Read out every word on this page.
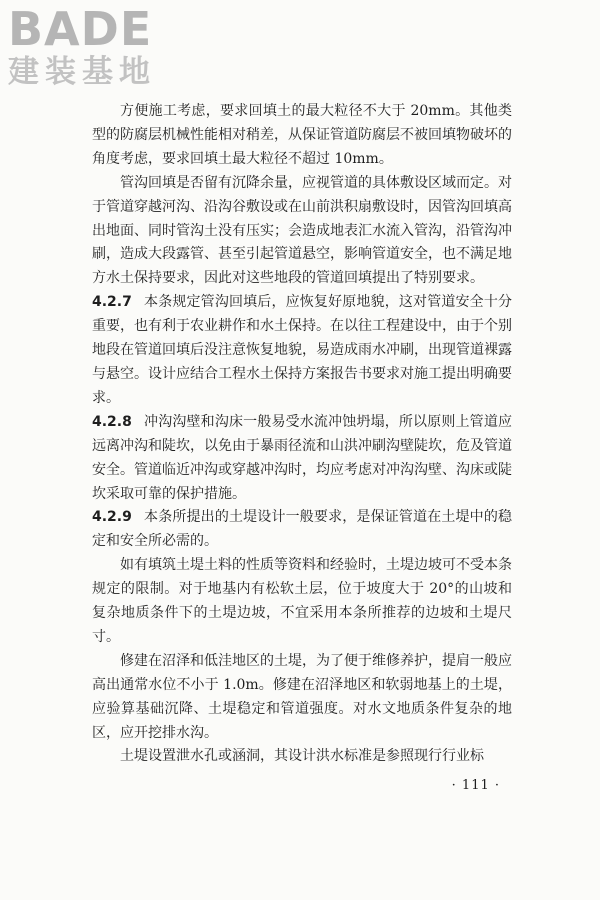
BADE
建装基地

方便施工考虑，要求回填土的最大粒径不大于 20mm。其他类型的防腐层机械性能相对稍差，从保证管道防腐层不被回填物破坏的角度考虑，要求回填土最大粒径不超过 10mm。

管沟回填是否留有沉降余量，应视管道的具体敷设区域而定。对于管道穿越河沟、沿沟谷敷设或在山前洪积扇敷设时，因管沟回填高出地面、同时管沟土没有压实；会造成地表汇水流入管沟，沿管沟冲刷，造成大段露管、甚至引起管道悬空，影响管道安全，也不满足地方水土保持要求，因此对这些地段的管道回填提出了特别要求。

4.2.7 本条规定管沟回填后，应恢复好原地貌，这对管道安全十分重要，也有利于农业耕作和水土保持。在以往工程建设中，由于个别地段在管道回填后没注意恢复地貌，易造成雨水冲刷，出现管道裸露与悬空。设计应结合工程水土保持方案报告书要求对施工提出明确要求。

4.2.8 冲沟沟壁和沟床一般易受水流冲蚀坍塌，所以原则上管道应远离冲沟和陡坎，以免由于暴雨径流和山洪冲刷沟壁陡坎，危及管道安全。管道临近冲沟或穿越冲沟时，均应考虑对冲沟沟壁、沟床或陡坎采取可靠的保护措施。

4.2.9 本条所提出的土堤设计一般要求，是保证管道在土堤中的稳定和安全所必需的。

如有填筑土堤土料的性质等资料和经验时，土堤边坡可不受本条规定的限制。对于地基内有松软土层，位于坡度大于 20°的山坡和复杂地质条件下的土堤边坡，不宜采用本条所推荐的边坡和土堤尺寸。

修建在沼泽和低洼地区的土堤，为了便于维修养护，提肩一般应高出通常水位不小于 1.0m。修建在沼泽地区和软弱地基上的土堤，应验算基础沉降、土堤稳定和管道强度。对水文地质条件复杂的地区，应开挖排水沟。

土堤设置泄水孔或涵洞，其设计洪水标准是参照现行行业标

· 111 ·
